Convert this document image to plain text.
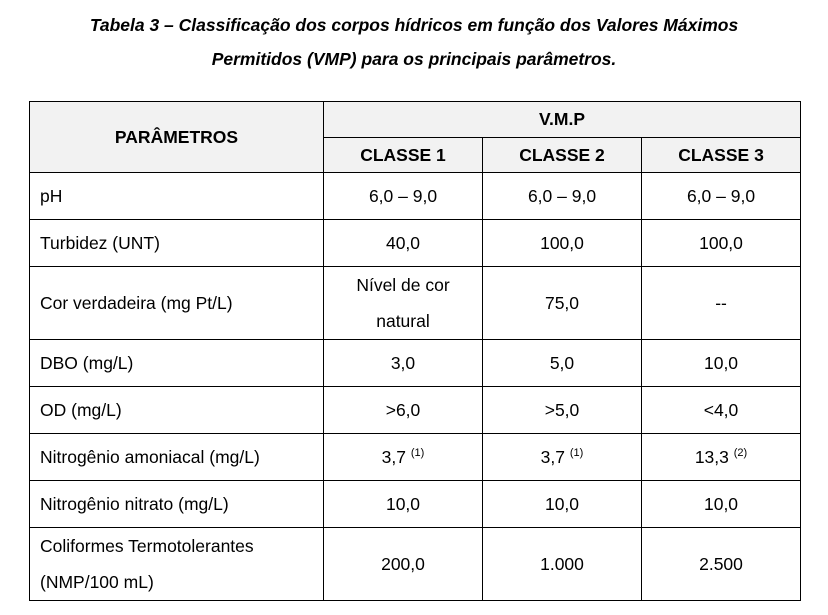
Tabela 3 – Classificação dos corpos hídricos em função dos Valores Máximos
Permitidos (VMP) para os principais parâmetros.
PARÂMETROS	V.M.P		
	CLASSE 1	CLASSE 2	CLASSE 3
pH	6,0 – 9,0	6,0 – 9,0	6,0 – 9,0
Turbidez (UNT)	40,0	100,0	100,0
Cor verdadeira (mg Pt/L)	Nível de cor natural	75,0	--
DBO (mg/L)	3,0	5,0	10,0
OD (mg/L)	>6,0	>5,0	<4,0
Nitrogênio amoniacal (mg/L)	3,7 $^{(1)}$	3,7 $^{(1)}$	13,3 $^{(2)}$
Nitrogênio nitrato (mg/L)	10,0	10,0	10,0
Coliformes Termotolerantes (NMP/100 mL)	200,0	1.000	2.500
